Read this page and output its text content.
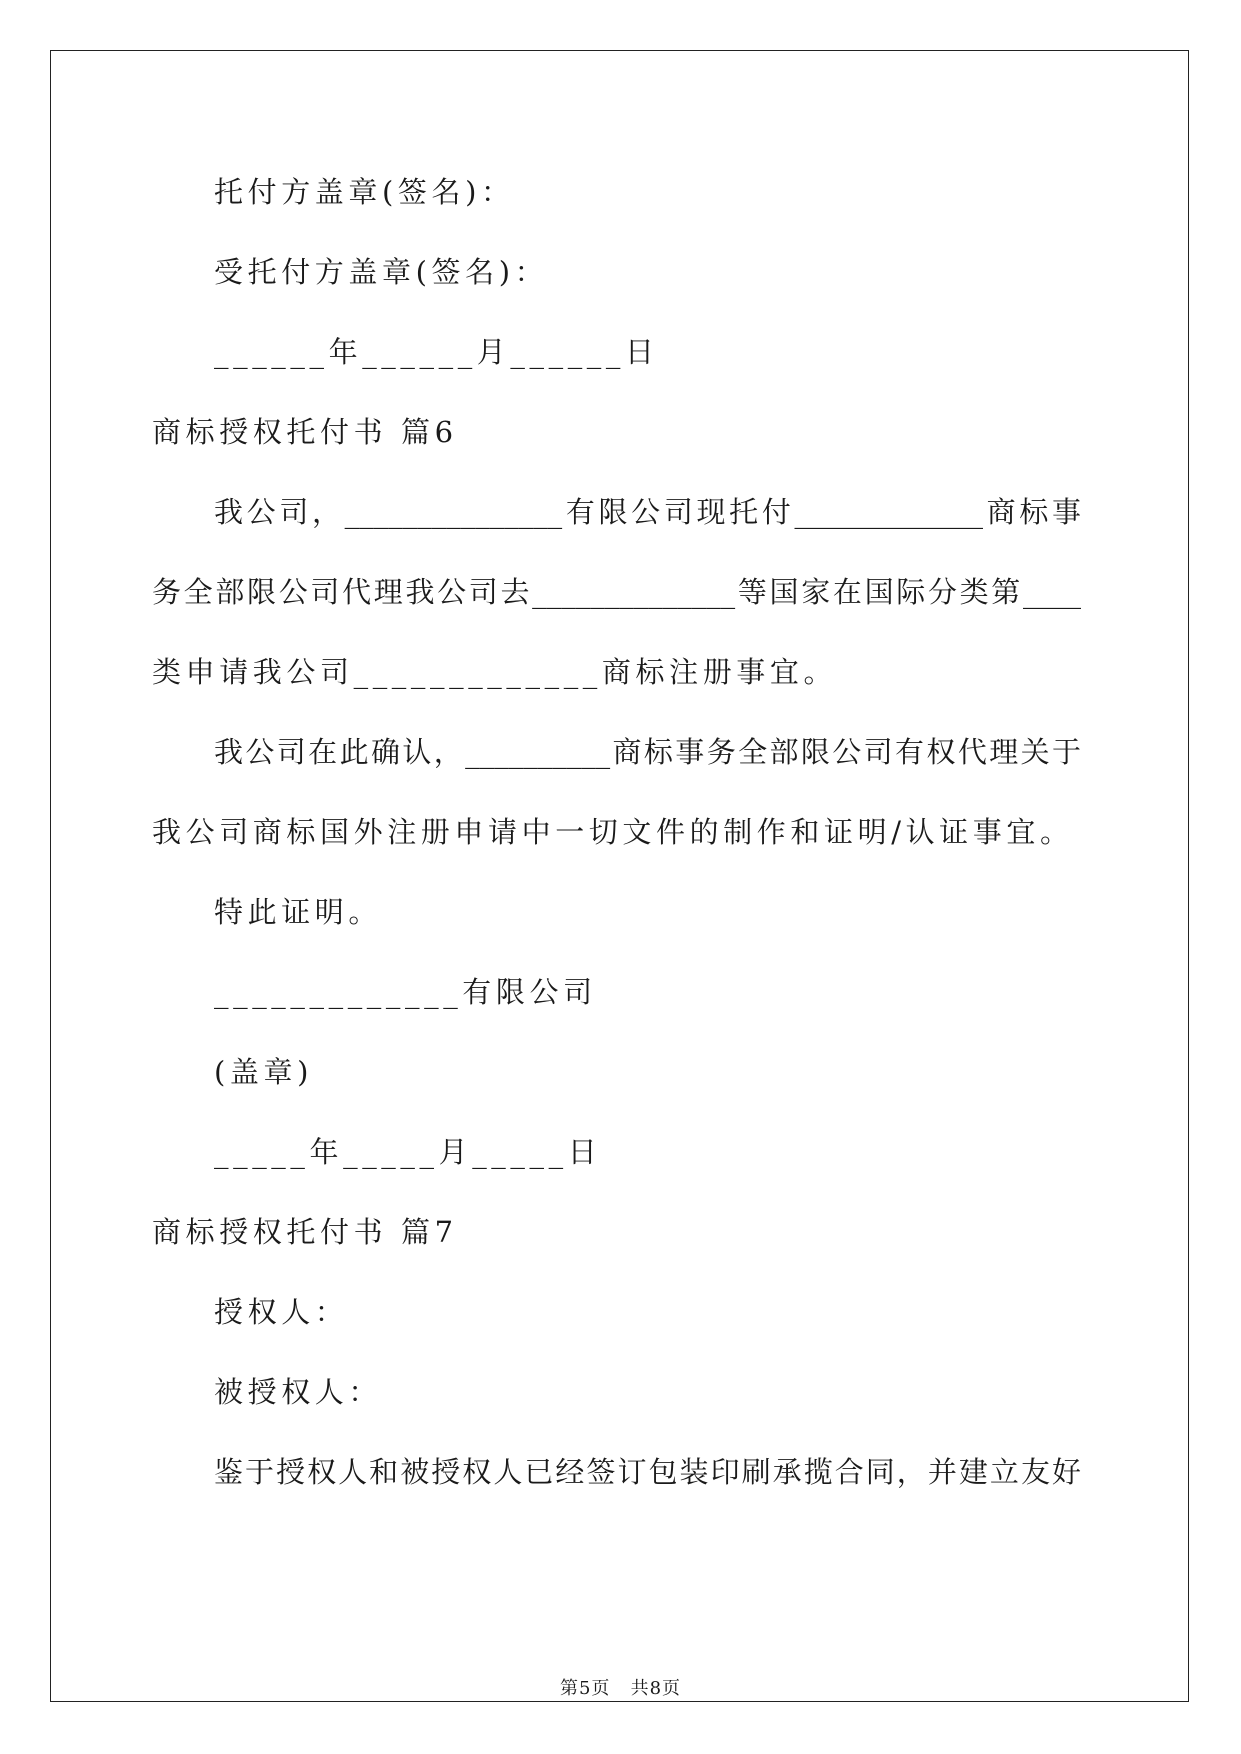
托付方盖章(签名)：
受托付方盖章(签名)：
______年______月______日
商标授权托付书 篇6
我公司，_______________有限公司现托付_____________商标事
务全部限公司代理我公司去______________等国家在国际分类第____
类申请我公司_____________商标注册事宜。
我公司在此确认，__________商标事务全部限公司有权代理关于
我公司商标国外注册申请中一切文件的制作和证明/认证事宜。
特此证明。
_____________有限公司
(盖章)
_____年_____月_____日
商标授权托付书 篇7
授权人：
被授权人：
鉴于授权人和被授权人已经签订包装印刷承揽合同，并建立友好
第5页   共8页
